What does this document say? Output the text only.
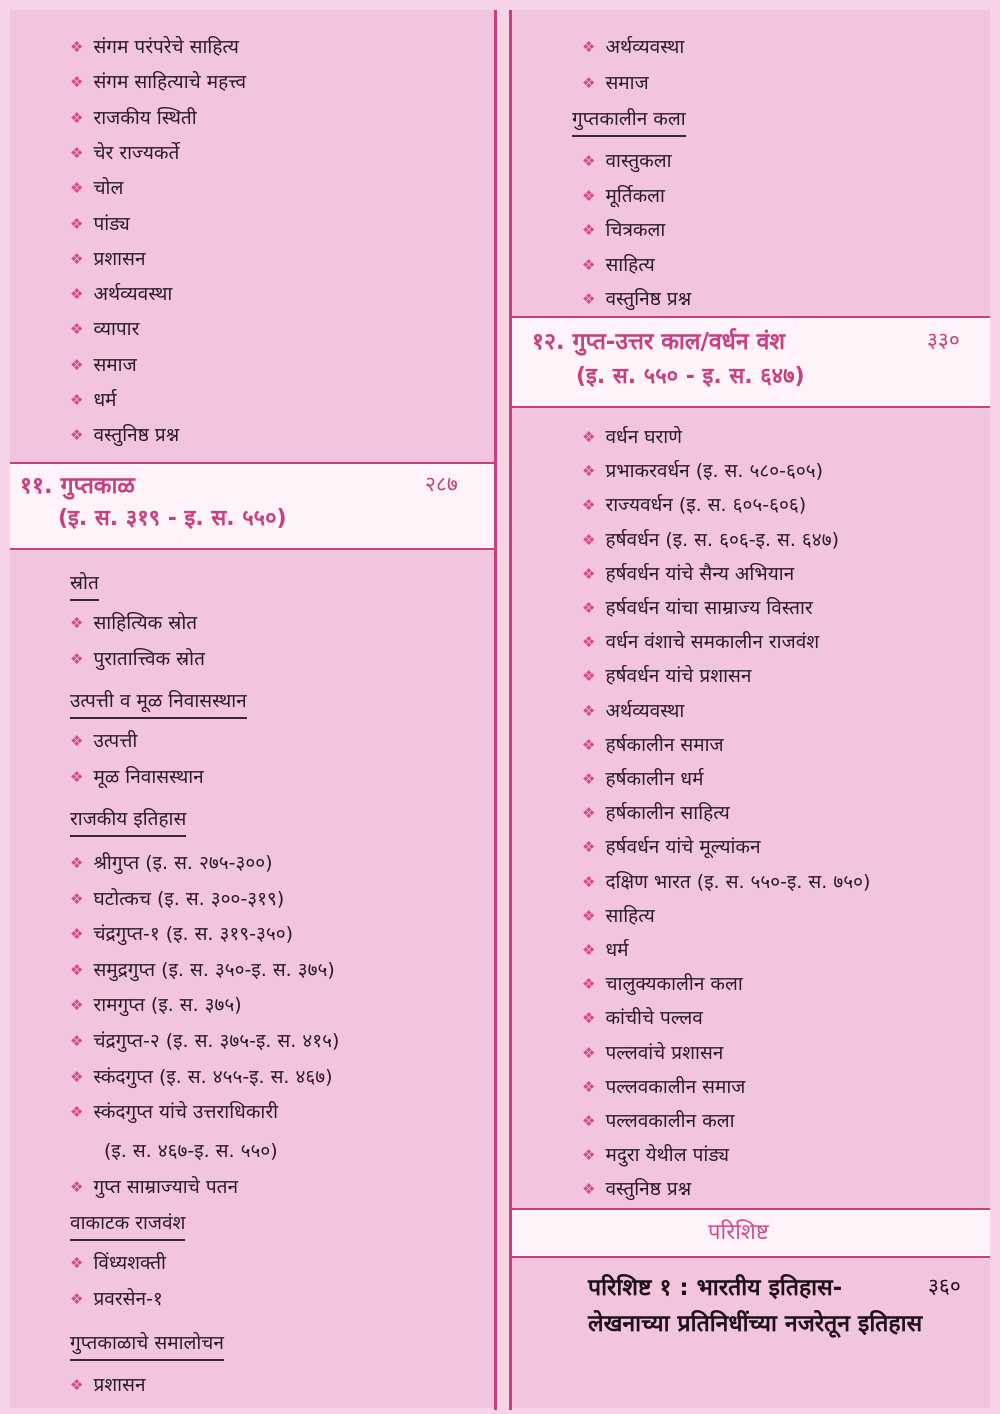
❖ संगम परंपरेचे साहित्य
❖ संगम साहित्याचे महत्त्व
❖ राजकीय स्थिती
❖ चेर राज्यकर्ते
❖ चोल
❖ पांड्य
❖ प्रशासन
❖ अर्थव्यवस्था
❖ व्यापार
❖ समाज
❖ धर्म
❖ वस्तुनिष्ठ प्रश्न
११. गुप्तकाळ	२८७
(इ. स. ३१९ - इ. स. ५५०)
स्रोत
❖ साहित्यिक स्रोत
❖ पुरातात्त्विक स्रोत
उत्पत्ती व मूळ निवासस्थान
❖ उत्पत्ती
❖ मूळ निवासस्थान
राजकीय इतिहास
❖ श्रीगुप्त (इ. स. २७५-३००)
❖ घटोत्कच (इ. स. ३००-३१९)
❖ चंद्रगुप्त-१ (इ. स. ३१९-३५०)
❖ समुद्रगुप्त (इ. स. ३५०-इ. स. ३७५)
❖ रामगुप्त (इ. स. ३७५)
❖ चंद्रगुप्त-२ (इ. स. ३७५-इ. स. ४१५)
❖ स्कंदगुप्त (इ. स. ४५५-इ. स. ४६७)
❖ स्कंदगुप्त यांचे उत्तराधिकारी
(इ. स. ४६७-इ. स. ५५०)
❖ गुप्त साम्राज्याचे पतन
वाकाटक राजवंश
❖ विंध्यशक्ती
❖ प्रवरसेन-१
गुप्तकाळाचे समालोचन
❖ प्रशासन
❖ अर्थव्यवस्था
❖ समाज
गुप्तकालीन कला
❖ वास्तुकला
❖ मूर्तिकला
❖ चित्रकला
❖ साहित्य
❖ वस्तुनिष्ठ प्रश्न
१२. गुप्त-उत्तर काल/वर्धन वंश	३३०
(इ. स. ५५० - इ. स. ६४७)
❖ वर्धन घराणे
❖ प्रभाकरवर्धन (इ. स. ५८०-६०५)
❖ राज्यवर्धन (इ. स. ६०५-६०६)
❖ हर्षवर्धन (इ. स. ६०६-इ. स. ६४७)
❖ हर्षवर्धन यांचे सैन्य अभियान
❖ हर्षवर्धन यांचा साम्राज्य विस्तार
❖ वर्धन वंशाचे समकालीन राजवंश
❖ हर्षवर्धन यांचे प्रशासन
❖ अर्थव्यवस्था
❖ हर्षकालीन समाज
❖ हर्षकालीन धर्म
❖ हर्षकालीन साहित्य
❖ हर्षवर्धन यांचे मूल्यांकन
❖ दक्षिण भारत (इ. स. ५५०-इ. स. ७५०)
❖ साहित्य
❖ धर्म
❖ चालुक्यकालीन कला
❖ कांचीचे पल्लव
❖ पल्लवांचे प्रशासन
❖ पल्लवकालीन समाज
❖ पल्लवकालीन कला
❖ मदुरा येथील पांड्य
❖ वस्तुनिष्ठ प्रश्न
परिशिष्ट
परिशिष्ट १ : भारतीय इतिहास-	३६०
लेखनाच्या प्रतिनिधींच्या नजरेतून इतिहास
